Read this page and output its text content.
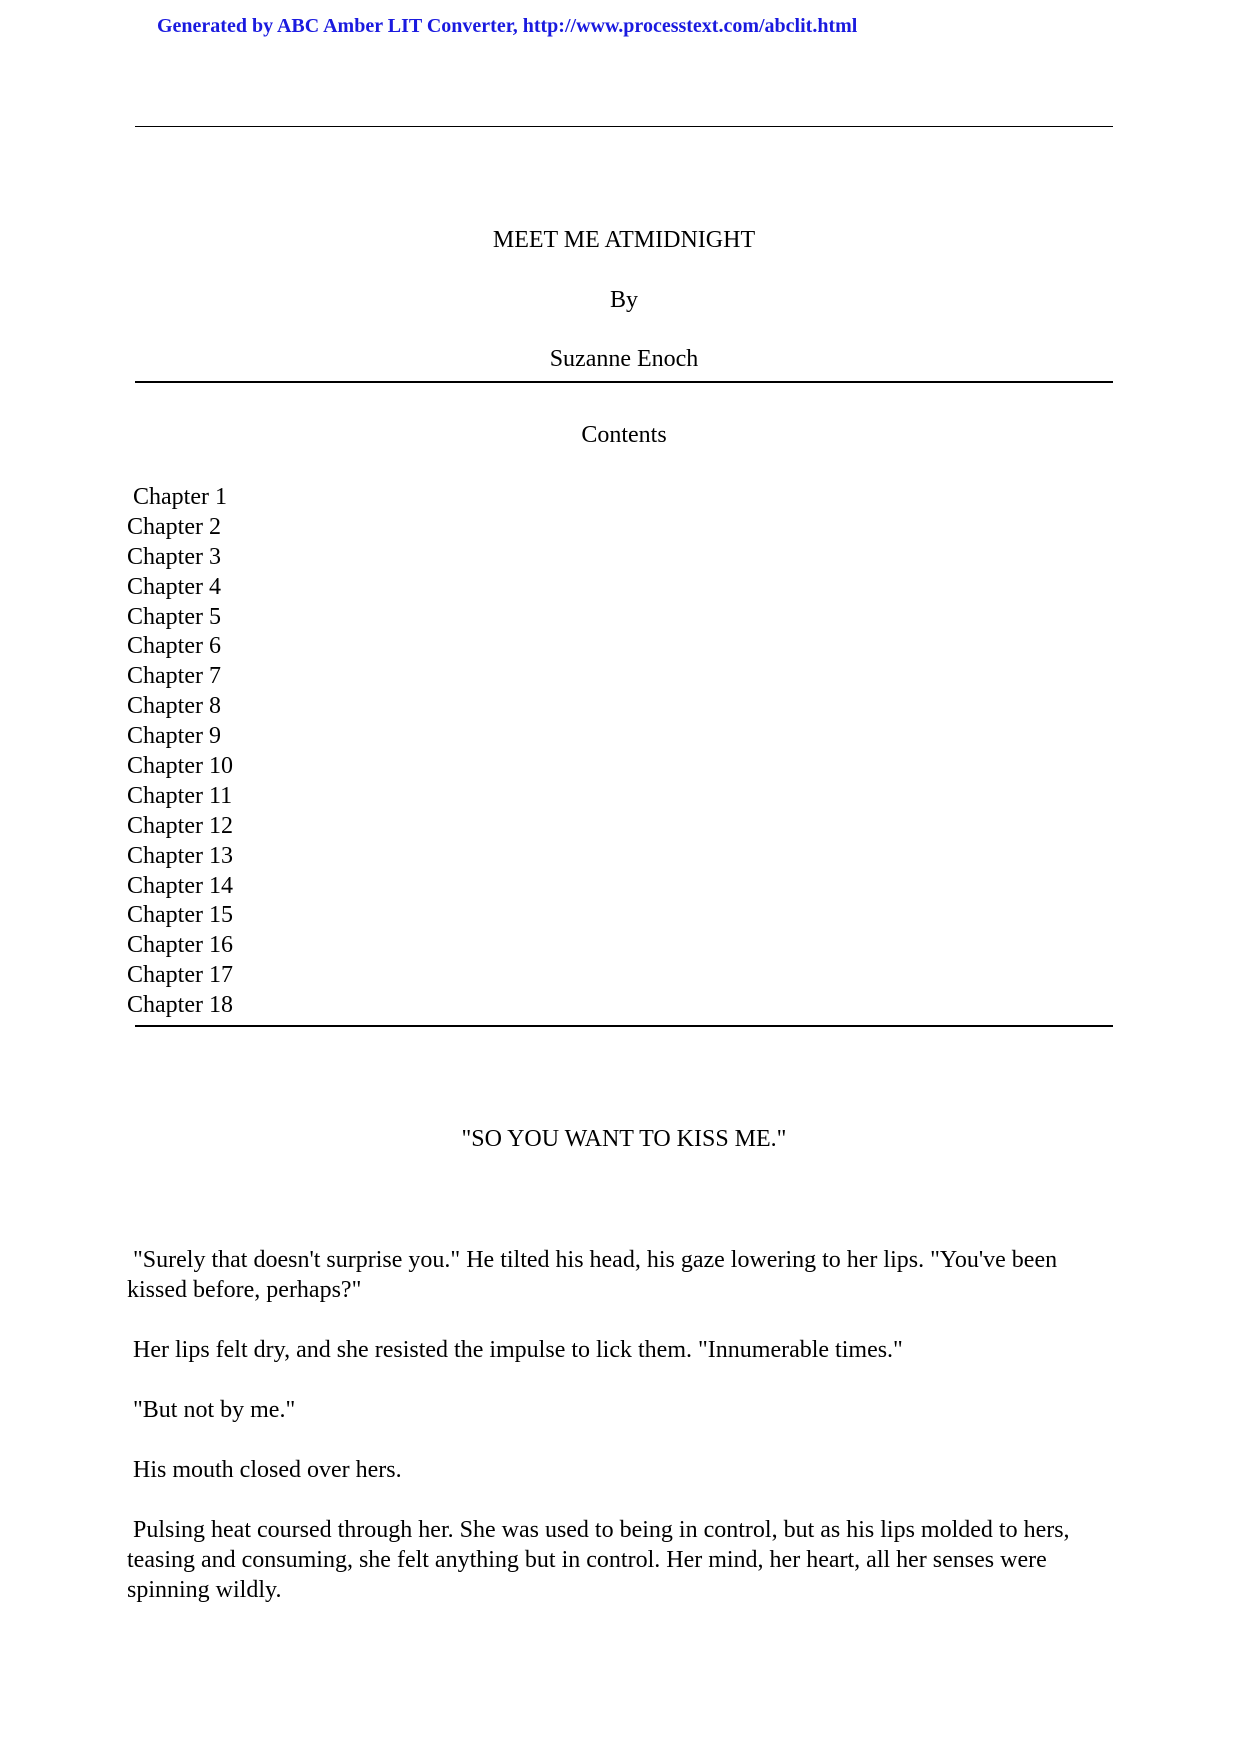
Generated by ABC Amber LIT Converter, http://www.processtext.com/abclit.html
MEET ME ATMIDNIGHT
By
Suzanne Enoch
Contents
Chapter 1
Chapter 2
Chapter 3
Chapter 4
Chapter 5
Chapter 6
Chapter 7
Chapter 8
Chapter 9
Chapter 10
Chapter 11
Chapter 12
Chapter 13
Chapter 14
Chapter 15
Chapter 16
Chapter 17
Chapter 18
"SO YOU WANT TO KISS ME."

"Surely that doesn't surprise you." He tilted his head, his gaze lowering to her lips. "You've been kissed before, perhaps?"

Her lips felt dry, and she resisted the impulse to lick them. "Innumerable times."

"But not by me."

His mouth closed over hers.

Pulsing heat coursed through her. She was used to being in control, but as his lips molded to hers, teasing and consuming, she felt anything but in control. Her mind, her heart, all her senses were spinning wildly.
